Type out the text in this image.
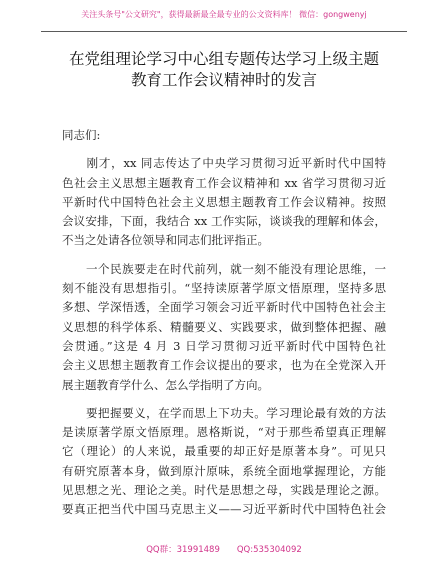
关注头条号"公文研究"，获得最新最全最专业的公文资料库！ 微信：gongwenyj
在党组理论学习中心组专题传达学习上级主题
教育工作会议精神时的发言
同志们:
　　刚才，xx 同志传达了中央学习贯彻习近平新时代中国特
色社会主义思想主题教育工作会议精神和 xx 省学习贯彻习近
平新时代中国特色社会主义思想主题教育工作会议精神。按照
会议安排，下面，我结合 xx 工作实际，谈谈我的理解和体会，
不当之处请各位领导和同志们批评指正。
　　一个民族要走在时代前列，就一刻不能没有理论思维，一
刻不能没有思想指引。“坚持读原著学原文悟原理，坚持多思
多想、学深悟透，全面学习领会习近平新时代中国特色社会主
义思想的科学体系、精髓要义、实践要求，做到整体把握、融
会贯通。”这是 4 月 3 日学习贯彻习近平新时代中国特色社
会主义思想主题教育工作会议提出的要求，也为在全党深入开
展主题教育学什么、怎么学指明了方向。
　　要把握要义，在学而思上下功夫。学习理论最有效的方法
是读原著学原文悟原理。恩格斯说，“对于那些希望真正理解
它（理论）的人来说，最重要的却正好是原著本身”。可见只
有研究原著本身，做到原汁原味，系统全面地掌握理论，方能
见思想之光、理论之美。时代是思想之母，实践是理论之源。
要真正把当代中国马克思主义——习近平新时代中国特色社会
QQ群：31991489　　QQ:535304092
